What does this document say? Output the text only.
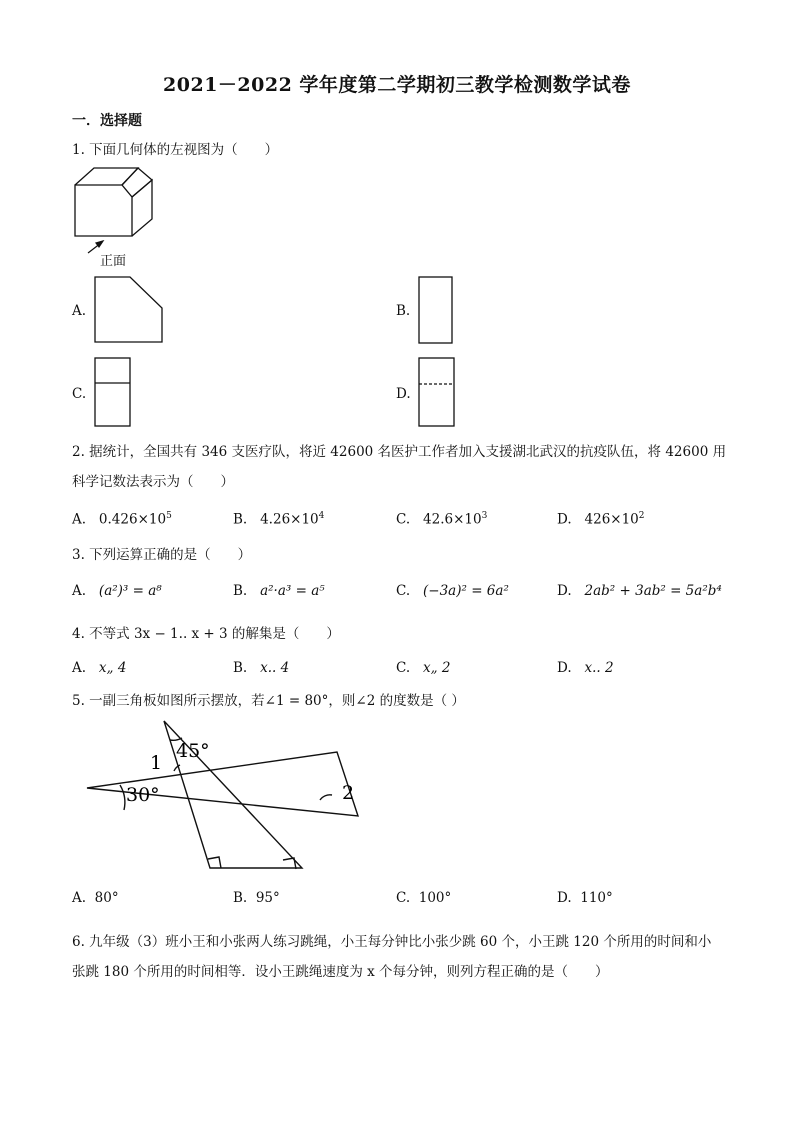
2021－2022 学年度第二学期初三教学检测数学试卷
一．选择题
1. 下面几何体的左视图为（　　）
正面
A.	B.
C.	D.
2. 据统计，全国共有 346 支医疗队，将近 42600 名医护工作者加入支援湖北武汉的抗疫队伍，将 42600 用
科学记数法表示为（　　）
A. $0.426\times 10^5$	B. $4.26\times 10^4$	C. $42.6\times 10^3$	D. $426\times 10^2$
3. 下列运算正确的是（　　）
A. (a²)³ = a⁸	B. a²·a³ = a⁵	C. (−3a)² = 6a²	D. 2ab² + 3ab² = 5a²b⁴
4. 不等式 3x − 1.. x + 3 的解集是（　　）
A. x„ 4	B. x.. 4	C. x„ 2	D. x.. 2
5. 一副三角板如图所示摆放，若∠1 = 80°，则∠2 的度数是（ ）
45°
30°
1
2
A. 80°	B. 95°	C. 100°	D. 110°
6. 九年级（3）班小王和小张两人练习跳绳，小王每分钟比小张少跳 60 个，小王跳 120 个所用的时间和小
张跳 180 个所用的时间相等．设小王跳绳速度为 x 个每分钟，则列方程正确的是（　　）
